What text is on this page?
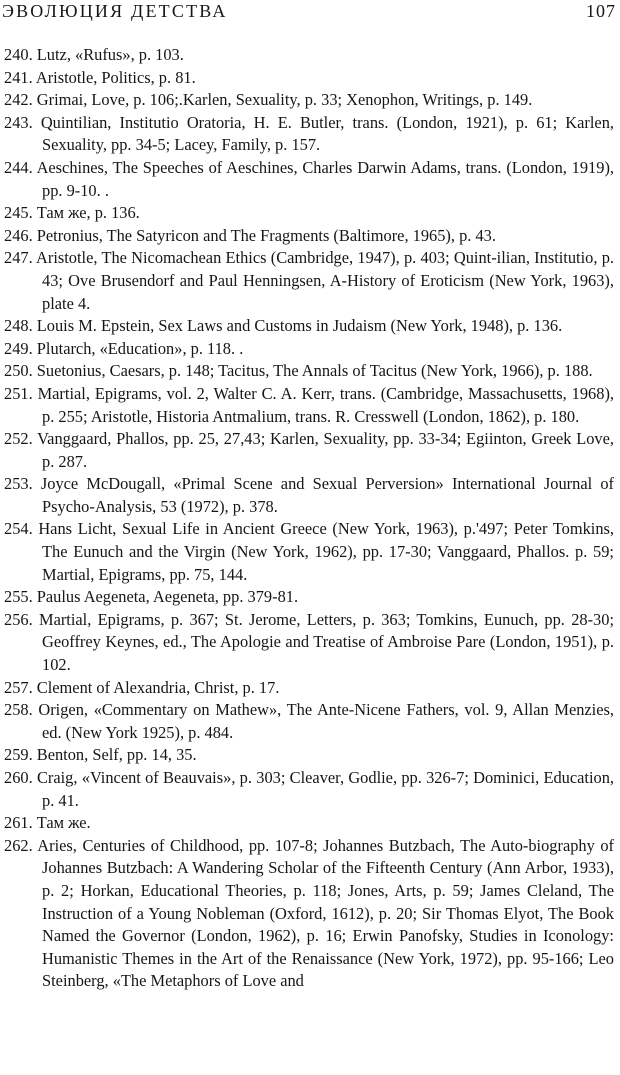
ЭВОЛЮЦИЯ ДЕТСТВА	107
240. Lutz, «Rufus», p. 103.
241. Aristotle, Politics, p. 81.
242. Grimai, Love, p. 106;.Karlen, Sexuality, p. 33; Xenophon, Writings, p. 149.
243. Quintilian, Institutio Oratoria, H. E. Butler, trans. (London, 1921), p. 61; Karlen, Sexuality, pp. 34-5; Lacey, Family, p. 157.
244. Aeschines, The Speeches of Aeschines, Charles Darwin Adams, trans. (London, 1919), pp. 9-10. .
245. Там же, p. 136.
246. Petronius, The Satyricon and The Fragments (Baltimore, 1965), p. 43.
247. Aristotle, The Nicomachean Ethics (Cambridge, 1947), p. 403; Quint-ilian, Institutio, p. 43; Ove Brusendorf and Paul Henningsen, A-History of Eroticism (New York, 1963), plate 4.
248. Louis M. Epstein, Sex Laws and Customs in Judaism (New York, 1948), p. 136.
249. Plutarch, «Education», p. 118. .
250. Suetonius, Caesars, p. 148; Tacitus, The Annals of Tacitus (New York, 1966), p. 188.
251. Martial, Epigrams, vol. 2, Walter C. A. Kerr, trans. (Cambridge, Massachusetts, 1968), p. 255; Aristotle, Historia Antmalium, trans. R. Cresswell (London, 1862), p. 180.
252. Vanggaard, Phallos, pp. 25, 27,43; Karlen, Sexuality, pp. 33-34; Egiinton, Greek Love, p. 287.
253. Joyce McDougall, «Primal Scene and Sexual Perversion» International Journal of Psycho-Analysis, 53 (1972), p. 378.
254. Hans Licht, Sexual Life in Ancient Greece (New York, 1963), p.'497; Peter Tomkins, The Eunuch and the Virgin (New York, 1962), pp. 17-30; Vanggaard, Phallos. p. 59; Martial, Epigrams, pp. 75, 144.
255. Paulus Aegeneta, Aegeneta, pp. 379-81.
256. Martial, Epigrams, p. 367; St. Jerome, Letters, p. 363; Tomkins, Eunuch, pp. 28-30; Geoffrey Keynes, ed., The Apologie and Treatise of Ambroise Pare (London, 1951), p. 102.
257. Clement of Alexandria, Christ, p. 17.
258. Origen, «Commentary on Mathew», The Ante-Nicene Fathers, vol. 9, Allan Menzies, ed. (New York 1925), p. 484.
259. Benton, Self, pp. 14, 35.
260. Craig, «Vincent of Beauvais», p. 303; Cleaver, Godlie, pp. 326-7; Dominici, Education, p. 41.
261. Там же.
262. Aries, Centuries of Childhood, pp. 107-8; Johannes Butzbach, The Auto-biography of Johannes Butzbach: A Wandering Scholar of the Fifteenth Century (Ann Arbor, 1933), p. 2; Horkan, Educational Theories, p. 118; Jones, Arts, p. 59; James Cleland, The Instruction of a Young Nobleman (Oxford, 1612), p. 20; Sir Thomas Elyot, The Book Named the Governor (London, 1962), p. 16; Erwin Panofsky, Studies in Iconology: Humanistic Themes in the Art of the Renaissance (New York, 1972), pp. 95-166; Leo Steinberg, «The Metaphors of Love and
